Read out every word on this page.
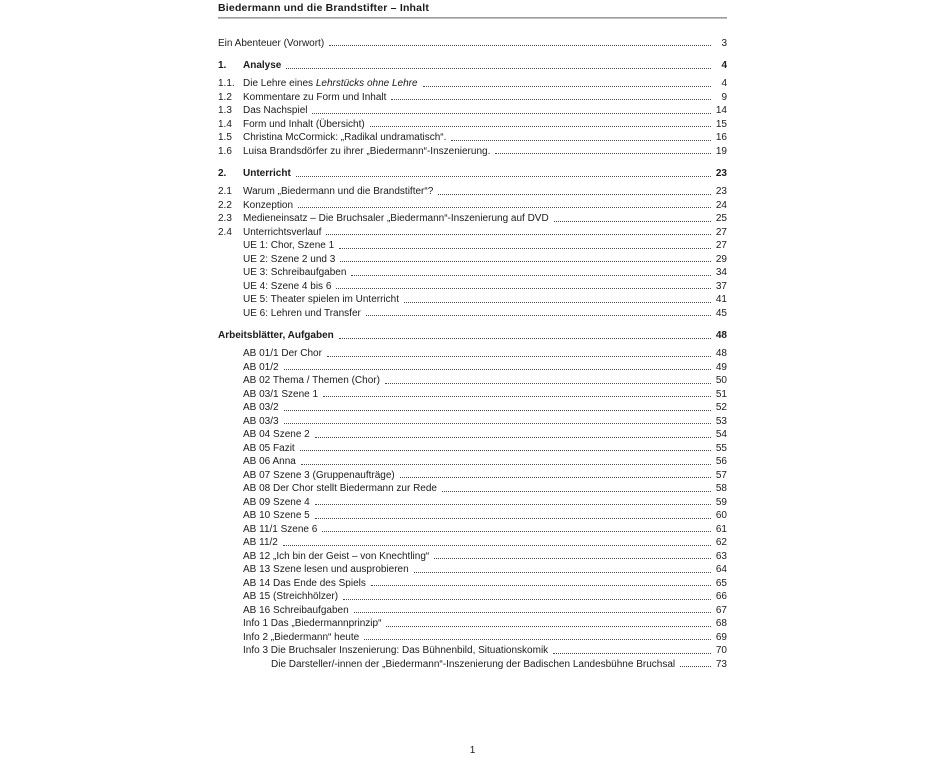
Biedermann und die Brandstifter – Inhalt
Ein Abenteuer (Vorwort)	3
1.	Analyse	4
1.1. Die Lehre eines Lehrstücks ohne Lehre	4
1.2	Kommentare zu Form und Inhalt	9
1.3	Das Nachspiel	14
1.4	Form und Inhalt (Übersicht)	15
1.5	Christina McCormick: „Radikal undramatisch“.	16
1.6	Luisa Brandsdörfer zu ihrer „Biedermann“-Inszenierung.	19
2.	Unterricht	23
2.1	Warum „Biedermann und die Brandstifter“?	23
2.2	Konzeption	24
2.3	Medieneinsatz – Die Bruchsaler „Biedermann“-Inszenierung auf DVD	25
2.4	Unterrichtsverlauf	27
UE 1: Chor, Szene 1	27
UE 2: Szene 2 und 3	29
UE 3: Schreibaufgaben	34
UE 4: Szene 4 bis 6	37
UE 5: Theater spielen im Unterricht	41
UE 6: Lehren und Transfer	45
Arbeitsblätter, Aufgaben	48
AB 01/1 Der Chor	48
AB 01/2	49
AB 02 Thema / Themen (Chor)	50
AB 03/1 Szene 1	51
AB 03/2	52
AB 03/3	53
AB 04 Szene 2	54
AB 05 Fazit	55
AB 06 Anna	56
AB 07 Szene 3 (Gruppenaufträge)	57
AB 08 Der Chor stellt Biedermann zur Rede	58
AB 09 Szene 4	59
AB 10 Szene 5	60
AB 11/1 Szene 6	61
AB 11/2	62
AB 12 „Ich bin der Geist – von Knechtling“	63
AB 13 Szene lesen und ausprobieren	64
AB 14 Das Ende des Spiels	65
AB 15 (Streichhölzer)	66
AB 16 Schreibaufgaben	67
Info 1 Das „Biedermannprinzip“	68
Info 2 „Biedermann“ heute	69
Info 3 Die Bruchsaler Inszenierung: Das Bühnenbild, Situationskomik	70
Die Darsteller/-innen der „Biedermann“-Inszenierung der Badischen Landesbühne Bruchsal	73
1
